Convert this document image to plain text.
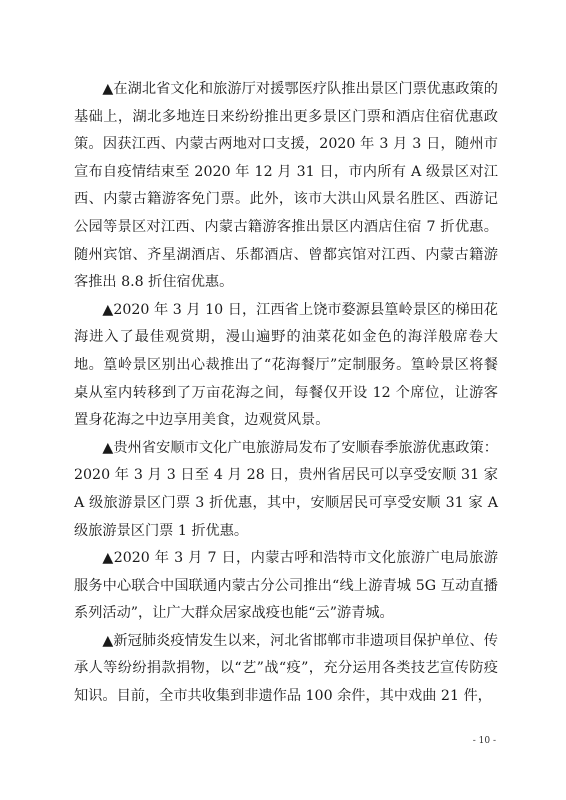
▲在湖北省文化和旅游厅对援鄂医疗队推出景区门票优惠政策的基础上，湖北多地连日来纷纷推出更多景区门票和酒店住宿优惠政策。因获江西、内蒙古两地对口支援，2020 年 3 月 3 日，随州市宣布自疫情结束至 2020 年 12 月 31 日，市内所有 A 级景区对江西、内蒙古籍游客免门票。此外，该市大洪山风景名胜区、西游记公园等景区对江西、内蒙古籍游客推出景区内酒店住宿 7 折优惠。随州宾馆、齐星湖酒店、乐都酒店、曾都宾馆对江西、内蒙古籍游客推出 8.8 折住宿优惠。

▲2020 年 3 月 10 日，江西省上饶市婺源县篁岭景区的梯田花海进入了最佳观赏期，漫山遍野的油菜花如金色的海洋般席卷大地。篁岭景区别出心裁推出了“花海餐厅”定制服务。篁岭景区将餐桌从室内转移到了万亩花海之间，每餐仅开设 12 个席位，让游客置身花海之中边享用美食，边观赏风景。

▲贵州省安顺市文化广电旅游局发布了安顺春季旅游优惠政策：2020 年 3 月 3 日至 4 月 28 日，贵州省居民可以享受安顺 31 家 A 级旅游景区门票 3 折优惠，其中，安顺居民可享受安顺 31 家 A 级旅游景区门票 1 折优惠。

▲2020 年 3 月 7 日，内蒙古呼和浩特市文化旅游广电局旅游服务中心联合中国联通内蒙古分公司推出“线上游青城 5G 互动直播系列活动”，让广大群众居家战疫也能“云”游青城。

▲新冠肺炎疫情发生以来，河北省邯郸市非遗项目保护单位、传承人等纷纷捐款捐物，以“艺”战“疫”，充分运用各类技艺宣传防疫知识。目前，全市共收集到非遗作品 100 余件，其中戏曲 21 件，

- 10 -
